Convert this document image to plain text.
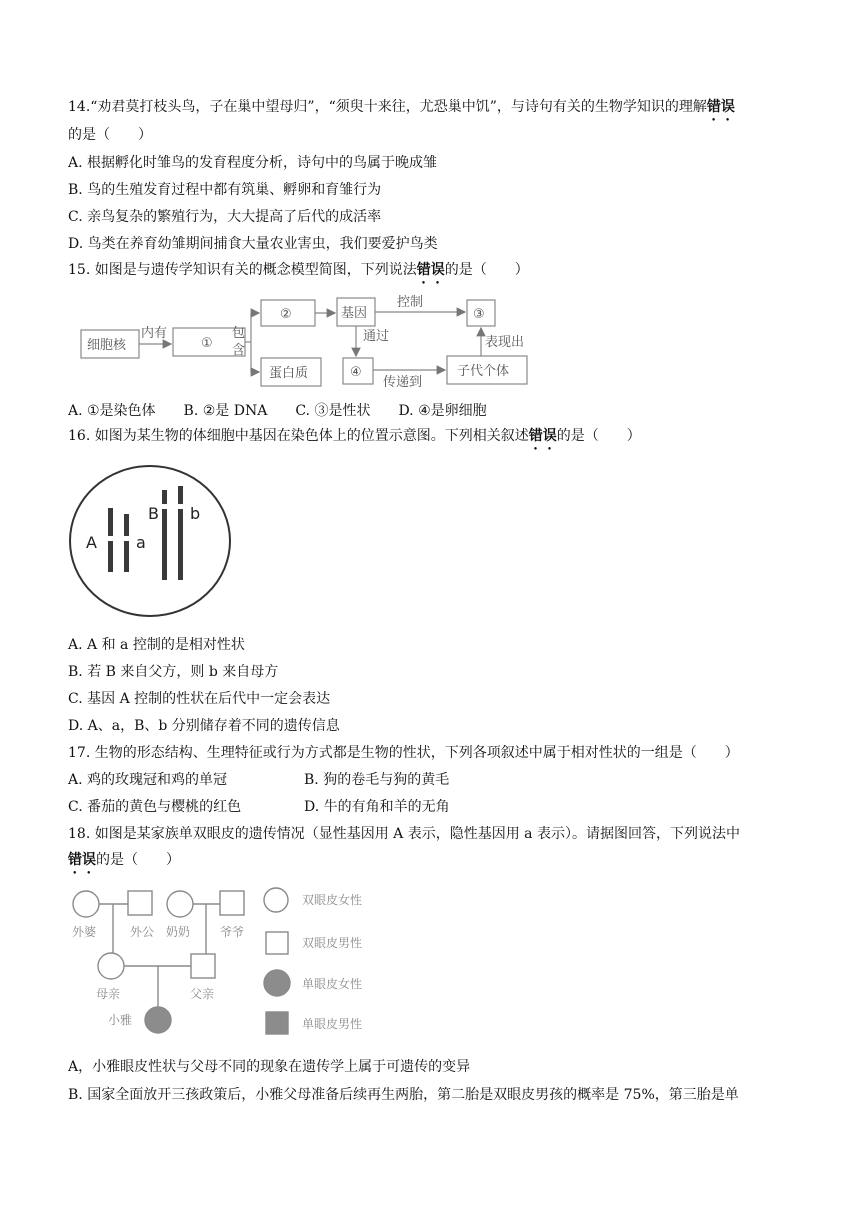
14.“劝君莫打枝头鸟，子在巢中望母归”，“须臾十来往，尤恐巢中饥”，与诗句有关的生物学知识的理解错误
的是（　　）
A. 根据孵化时雏鸟的发育程度分析，诗句中的鸟属于晚成雏
B. 鸟的生殖发育过程中都有筑巢、孵卵和育雏行为
C. 亲鸟复杂的繁殖行为，大大提高了后代的成活率
D. 鸟类在养育幼雏期间捕食大量农业害虫，我们要爱护鸟类
15. 如图是与遗传学知识有关的概念模型简图，下列说法错误的是（　　）
细胞核
内有
①
包
含
②	基因
控制
③
通过
蛋白质	④
传递到
子代个体
表现出
A. ①是染色体　　B. ②是 DNA　　C. ③是性状　　D. ④是卵细胞
16. 如图为某生物的体细胞中基因在染色体上的位置示意图。下列相关叙述错误的是（　　）
A a
B b
A. A 和 a 控制的是相对性状
B. 若 B 来自父方，则 b 来自母方
C. 基因 A 控制的性状在后代中一定会表达
D. A、a，B、b 分别储存着不同的遗传信息
17. 生物的形态结构、生理特征或行为方式都是生物的性状，下列各项叙述中属于相对性状的一组是（　　）
A. 鸡的玫瑰冠和鸡的单冠	B. 狗的卷毛与狗的黄毛
C. 番茄的黄色与樱桃的红色	D. 牛的有角和羊的无角
18. 如图是某家族单双眼皮的遗传情况（显性基因用 A 表示，隐性基因用 a 表示）。请据图回答，下列说法中
错误的是（　　）
外婆	外公 奶奶 爷爷
母亲
小雅
父亲
双眼皮女性
双眼皮男性
单眼皮女性
单眼皮男性
A，小雅眼皮性状与父母不同的现象在遗传学上属于可遗传的变异
B. 国家全面放开三孩政策后，小雅父母准备后续再生两胎，第二胎是双眼皮男孩的概率是 75%，第三胎是单
